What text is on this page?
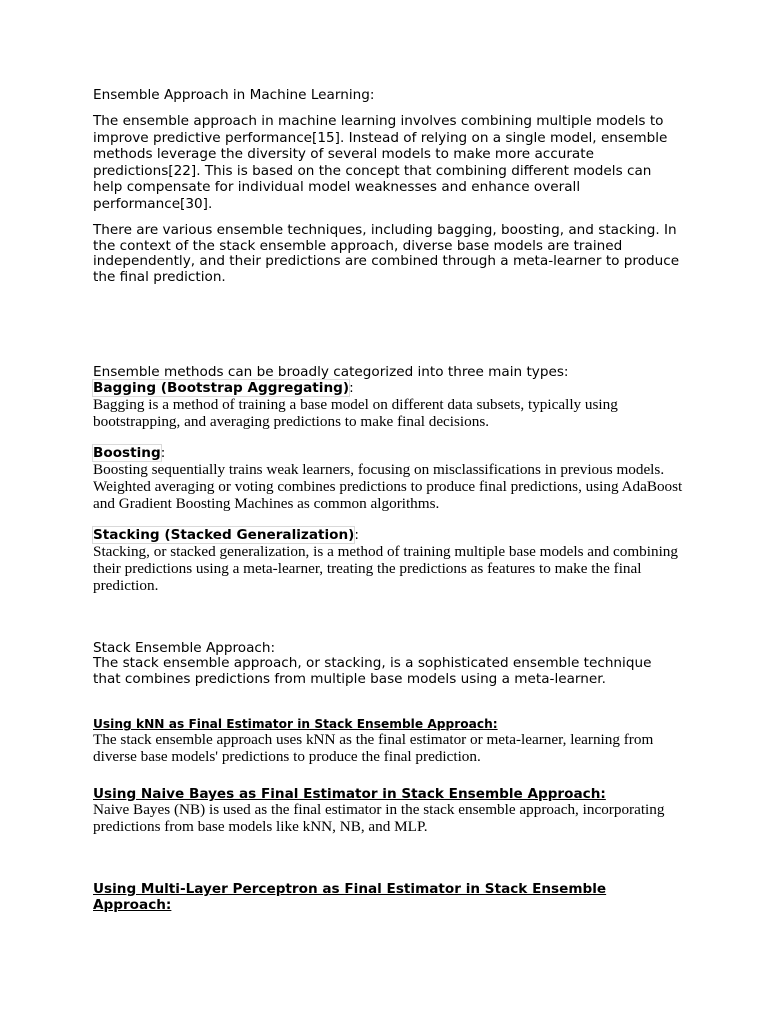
Ensemble Approach in Machine Learning:

The ensemble approach in machine learning involves combining multiple models to improve predictive performance[15]. Instead of relying on a single model, ensemble methods leverage the diversity of several models to make more accurate predictions[22]. This is based on the concept that combining different models can help compensate for individual model weaknesses and enhance overall performance[30].

There are various ensemble techniques, including bagging, boosting, and stacking. In the context of the stack ensemble approach, diverse base models are trained independently, and their predictions are combined through a meta-learner to produce the final prediction.

Ensemble methods can be broadly categorized into three main types:

Bagging (Bootstrap Aggregating):

Bagging is a method of training a base model on different data subsets, typically using bootstrapping, and averaging predictions to make final decisions.

Boosting:

Boosting sequentially trains weak learners, focusing on misclassifications in previous models. Weighted averaging or voting combines predictions to produce final predictions, using AdaBoost and Gradient Boosting Machines as common algorithms.

Stacking (Stacked Generalization):

Stacking, or stacked generalization, is a method of training multiple base models and combining their predictions using a meta-learner, treating the predictions as features to make the final prediction.

Stack Ensemble Approach:

The stack ensemble approach, or stacking, is a sophisticated ensemble technique that combines predictions from multiple base models using a meta-learner.

Using kNN as Final Estimator in Stack Ensemble Approach:

The stack ensemble approach uses kNN as the final estimator or meta-learner, learning from diverse base models' predictions to produce the final prediction.

Using Naive Bayes as Final Estimator in Stack Ensemble Approach:

Naive Bayes (NB) is used as the final estimator in the stack ensemble approach, incorporating predictions from base models like kNN, NB, and MLP.

Using Multi-Layer Perceptron as Final Estimator in Stack Ensemble Approach:
